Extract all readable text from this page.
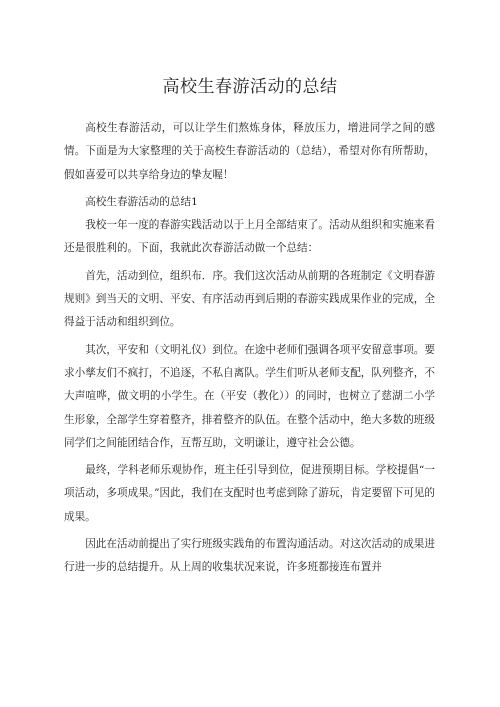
高校生春游活动的总结

高校生春游活动，可以让学生们熬炼身体，释放压力，增进同学之间的感情。下面是为大家整理的关于高校生春游活动的（总结），希望对你有所帮助，假如喜爱可以共享给身边的挚友喔！

高校生春游活动的总结1

我校一年一度的春游实践活动以于上月全部结束了。活动从组织和实施来看还是很胜利的。下面，我就此次春游活动做一个总结：

首先，活动到位，组织布．序。我们这次活动从前期的各班制定《文明春游规则》到当天的文明、平安、有序活动再到后期的春游实践成果作业的完成，全得益于活动和组织到位。

其次，平安和（文明礼仪）到位。在途中老师们强调各项平安留意事项。要求小孳友们不疯打，不追逐，不私自离队。学生们听从老师支配，队列整齐，不大声喧哗，做文明的小学生。在（平安（教化））的同时，也树立了慈湖二小学生形象，全部学生穿着整齐，排着整齐的队伍。在整个活动中，绝大多数的班级同学们之间能团结合作，互帮互助，文明谦让，遵守社会公德。

最终，学科老师乐观协作，班主任引导到位，促进预期目标。学校提倡“一项活动，多项成果。”因此，我们在支配时也考虑到除了游玩，肯定要留下可见的成果。

因此在活动前提出了实行班级实践角的布置沟通活动。对这次活动的成果进行进一步的总结提升。从上周的收集状况来说，许多班都接连布置并
